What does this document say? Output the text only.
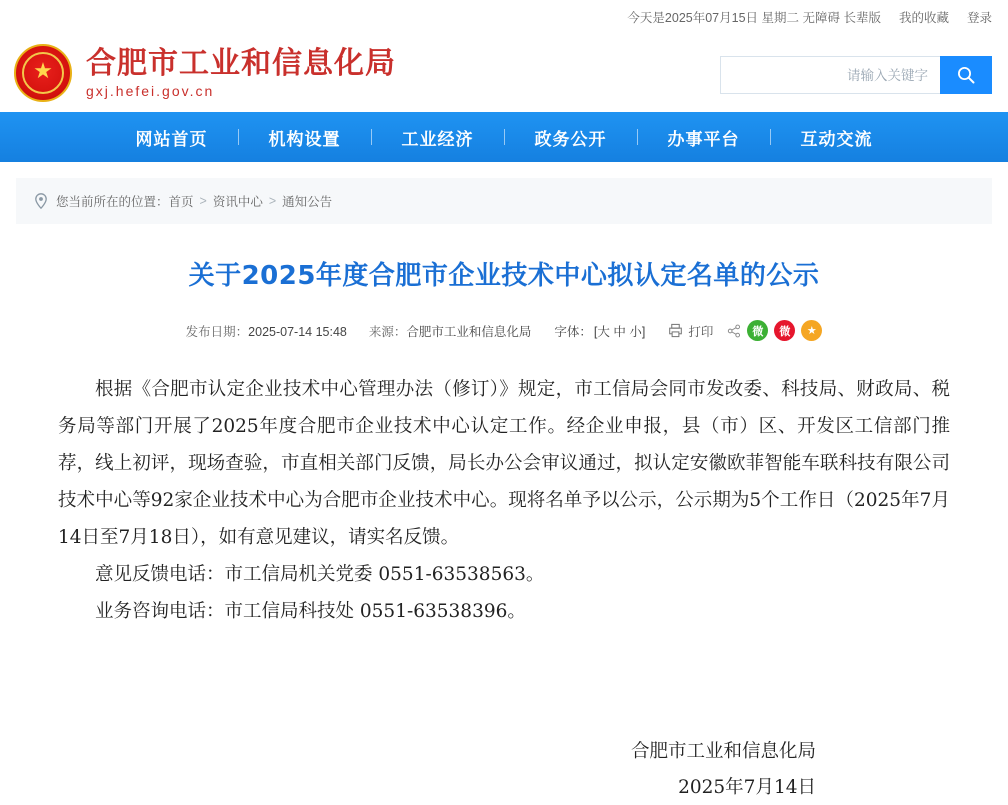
今天是2025年07月15日 星期二 无障碍 长辈版 我的收藏 登录
★ 合肥市工业和信息化局
gxj.hefei.gov.cn
请输入关键字
网站首页	机构设置	工业经济	政务公开	办事平台	互动交流
您当前所在的位置： 首页 > 资讯中心 > 通知公告
关于2025年度合肥市企业技术中心拟认定名单的公示
发布日期：2025-07-14 15:48 来源：合肥市工业和信息化局 字体： [大 中 小]	打印	微	微	★

根据《合肥市认定企业技术中心管理办法（修订）》规定，市工信局会同市发改委、科技局、财政局、税务局等部门开展了2025年度合肥市企业技术中心认定工作。经企业申报，县（市）区、开发区工信部门推荐，线上初评，现场查验，市直相关部门反馈，局长办公会审议通过，拟认定安徽欧菲智能车联科技有限公司技术中心等92家企业技术中心为合肥市企业技术中心。现将名单予以公示，公示期为5个工作日（2025年7月14日至7月18日），如有意见建议，请实名反馈。

意见反馈电话：市工信局机关党委 0551-63538563。

业务咨询电话：市工信局科技处 0551-63538396。

合肥市工业和信息化局
2025年7月14日
